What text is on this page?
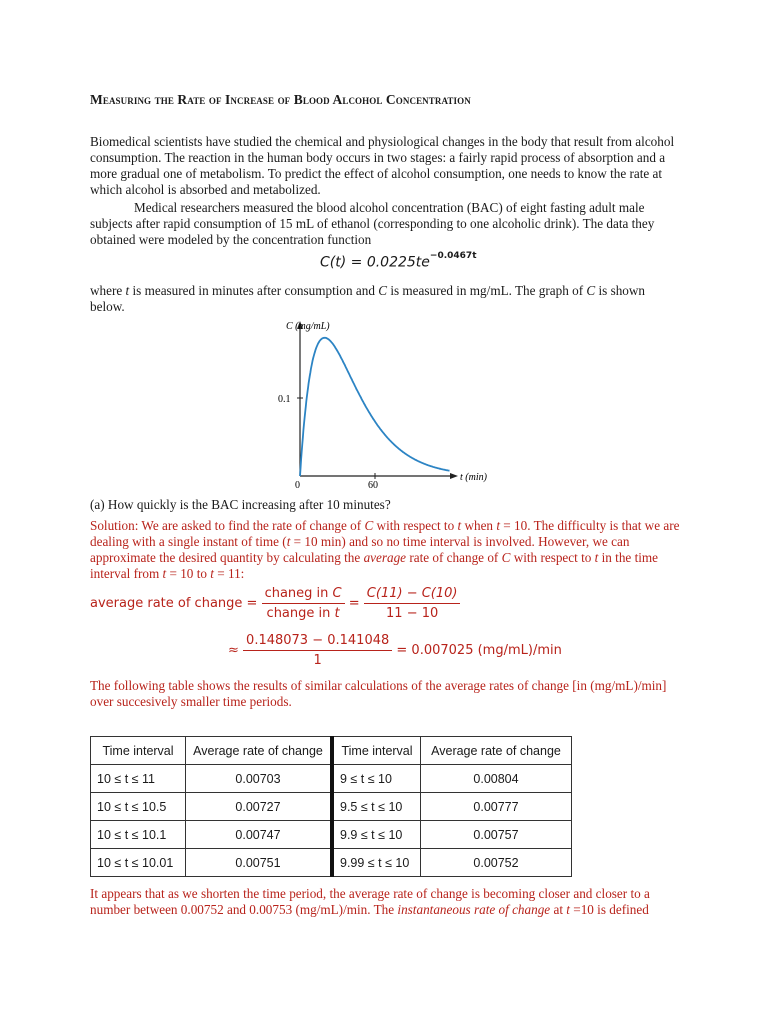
Measuring the Rate of Increase of Blood Alcohol Concentration
Biomedical scientists have studied the chemical and physiological changes in the body that result from alcohol consumption. The reaction in the human body occurs in two stages: a fairly rapid process of absorption and a more gradual one of metabolism. To predict the effect of alcohol consumption, one needs to know the rate at which alcohol is absorbed and metabolized.
Medical researchers measured the blood alcohol concentration (BAC) of eight fasting adult male subjects after rapid consumption of 15 mL of ethanol (corresponding to one alcoholic drink). The data they obtained were modeled by the concentration function
$C(t) = 0.0225te^{-0.0467t}$
where t is measured in minutes after consumption and C is measured in mg/mL. The graph of C is shown below.
C (mg/mL)
60
0.1
0
t (min)
(a) How quickly is the BAC increasing after 10 minutes?
Solution: We are asked to find the rate of change of C with respect to t when t = 10. The difficulty is that we are dealing with a single instant of time (t = 10 min) and so no time interval is involved. However, we can approximate the desired quantity by calculating the average rate of change of C with respect to t in the time interval from t = 10 to t = 11:
average rate of change = $\frac{\text{chaneg in C}}{\text{change in t}} = \frac{C(11) - C(10)}{11 - 10}$
≈ $\frac{0.148073 - 0.141048}{1} = 0.007025$ (mg/mL)/min
The following table shows the results of similar calculations of the average rates of change [in (mg/mL)/min] over succesively smaller time periods.
Time interval	Average rate of change	Time interval	Average rate of change
10 ≤ t ≤ 11	0.00703	9 ≤ t ≤ 10	0.00804
10 ≤ t ≤ 10.5	0.00727	9.5 ≤ t ≤ 10	0.00777
10 ≤ t ≤ 10.1	0.00747	9.9 ≤ t ≤ 10	0.00757
10 ≤ t ≤ 10.01	0.00751	9.99 ≤ t ≤ 10	0.00752
It appears that as we shorten the time period, the average rate of change is becoming closer and closer to a number between 0.00752 and 0.00753 (mg/mL)/min. The instantaneous rate of change at t =10 is defined
